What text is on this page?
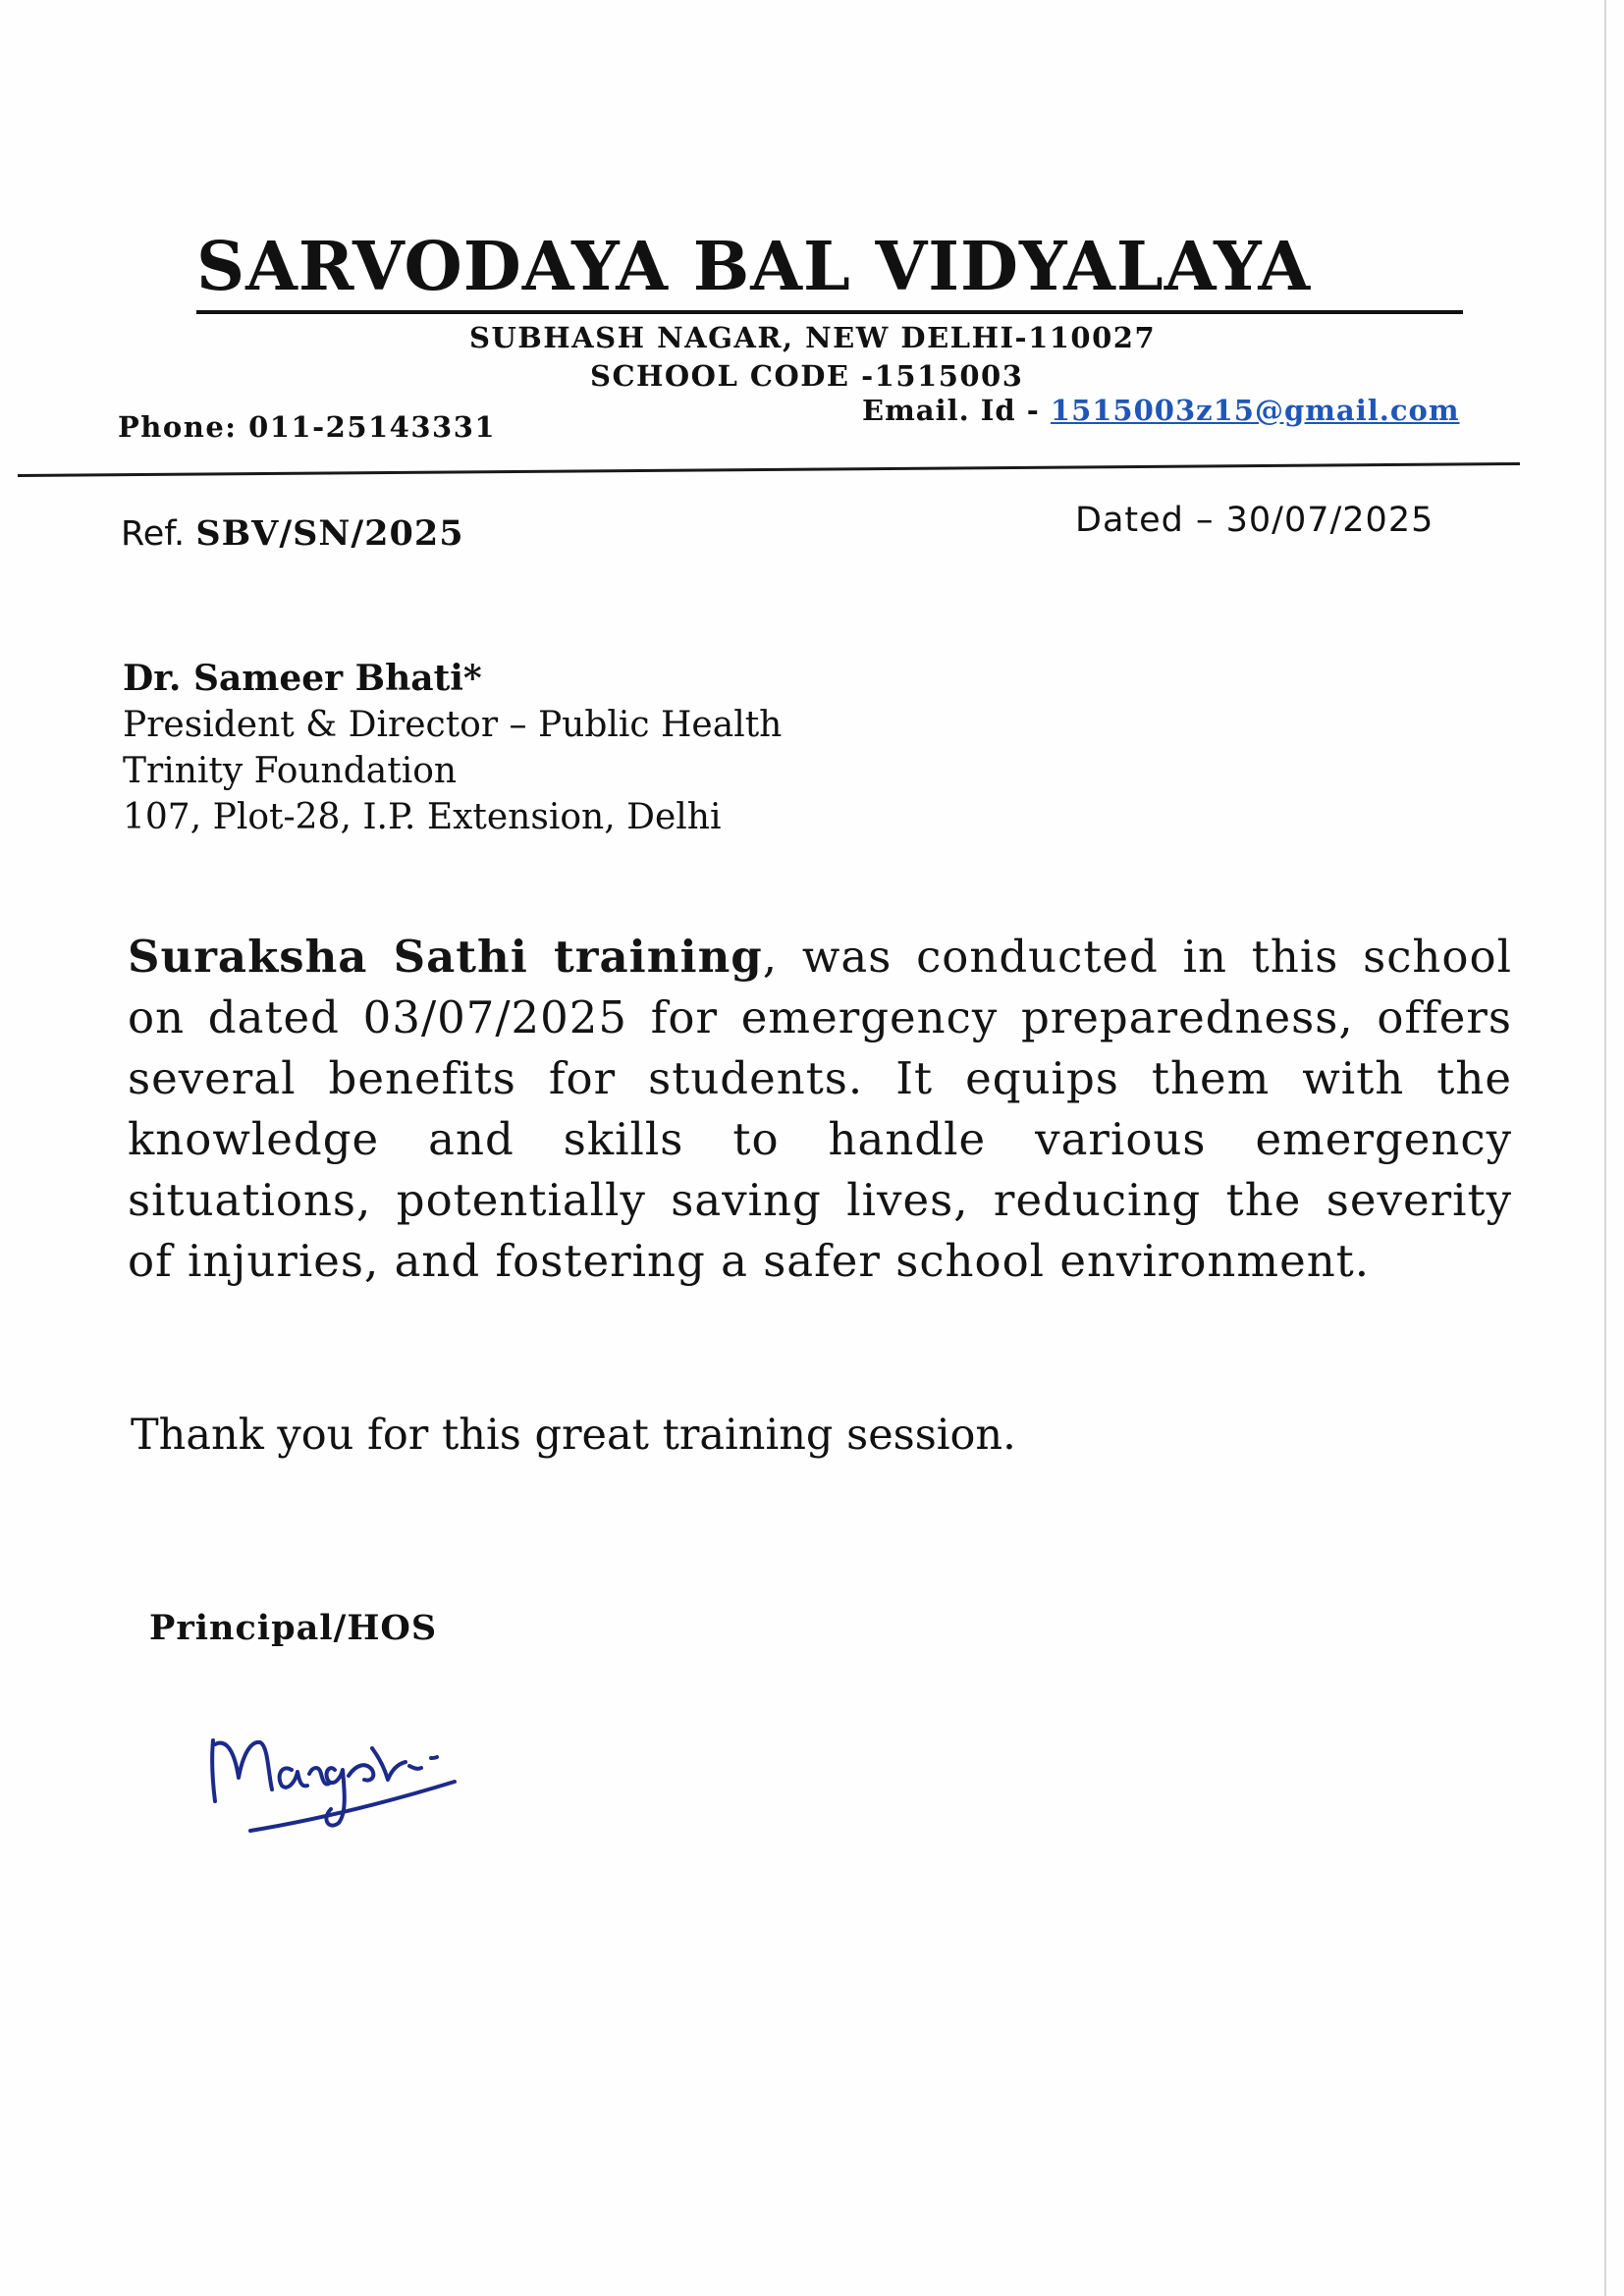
SARVODAYA BAL VIDYALAYA
SUBHASH NAGAR, NEW DELHI-110027
SCHOOL CODE -1515003
Phone: 011-25143331	Email. Id - 1515003z15@gmail.com
Ref. SBV/SN/2025	Dated – 30/07/2025
Dr. Sameer Bhati*
President & Director – Public Health
Trinity Foundation
107, Plot-28, I.P. Extension, Delhi
Suraksha Sathi training, was conducted in this school on dated 03/07/2025 for emergency preparedness, offers several benefits for students. It equips them with the knowledge and skills to handle various emergency situations, potentially saving lives, reducing the severity of injuries, and fostering a safer school environment.
Thank you for this great training session.
Principal/HOS
